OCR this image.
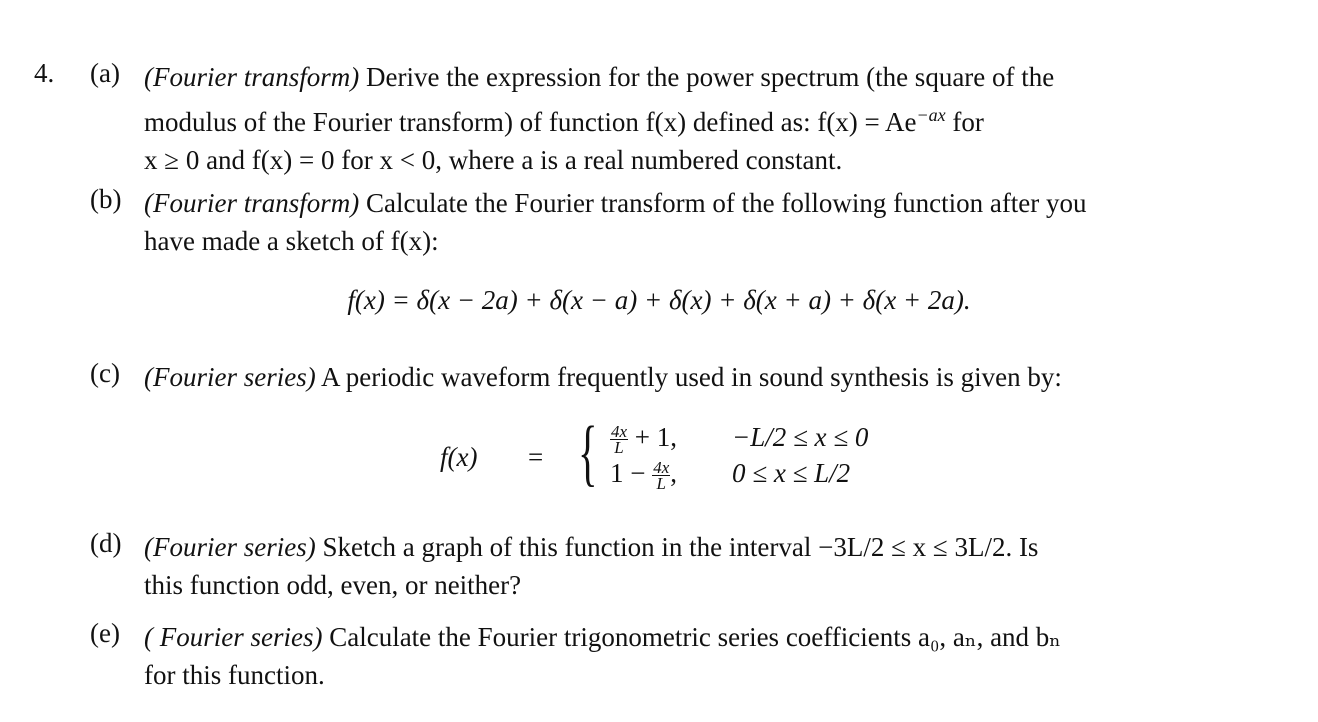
4. (a) (Fourier transform) Derive the expression for the power spectrum (the square of the
modulus of the Fourier transform) of function f(x) defined as: $f(x) = Ae^{-ax}$ for
x ≥ 0 and f(x) = 0 for x < 0, where a is a real numbered constant.
(b) (Fourier transform) Calculate the Fourier transform of the following function after you
have made a sketch of f(x):
f(x) = δ(x − 2a) + δ(x − a) + δ(x) + δ(x + a) + δ(x + 2a).
(c) (Fourier series) A periodic waveform frequently used in sound synthesis is given by:
f(x) = { $\frac{4x}{L} + 1$, −L/2 ≤ x ≤ 0
$1 - \frac{4x}{L}$ , 0 ≤ x ≤ L/2
(d) (Fourier series) Sketch a graph of this function in the interval −3L/2 ≤ x ≤ 3L/2. Is
this function odd, even, or neither?
(e) ( Fourier series) Calculate the Fourier trigonometric series coefficients a₀, aₙ, and bₙ
for this function.
